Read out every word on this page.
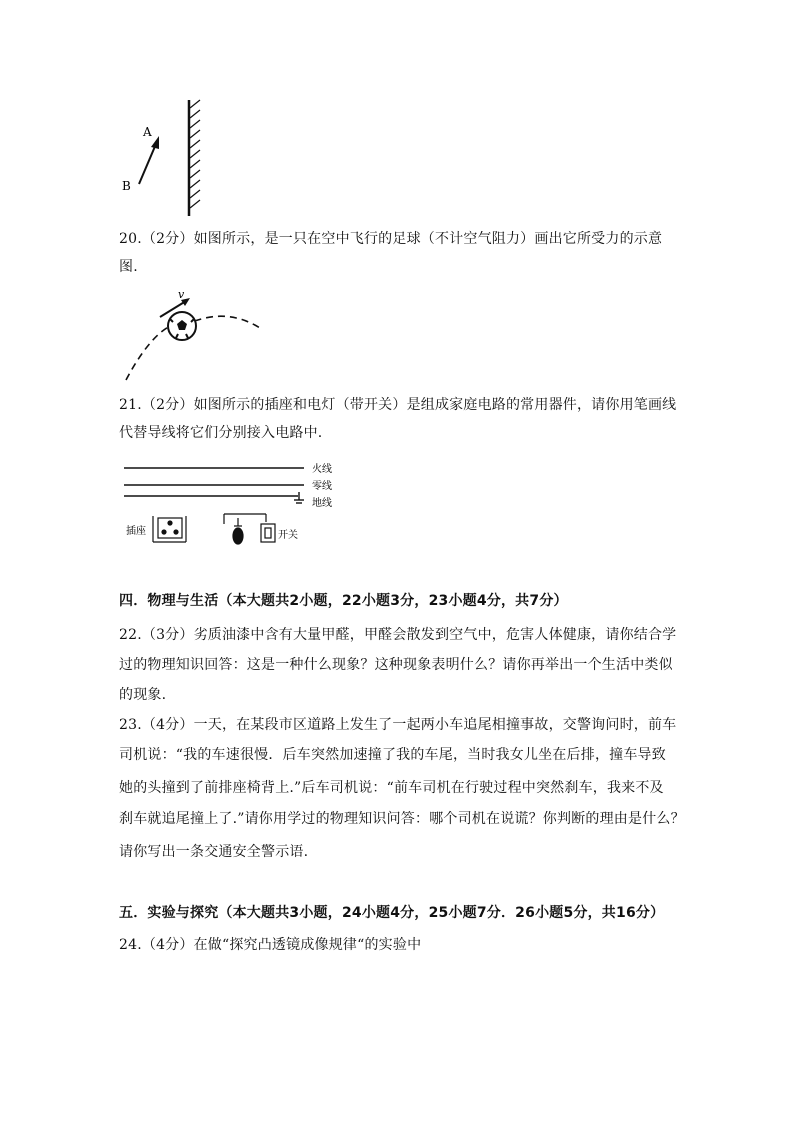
A
B
20.（2分）如图所示，是一只在空中飞行的足球（不计空气阻力）画出它所受力的示意
图.
v
21.（2分）如图所示的插座和电灯（带开关）是组成家庭电路的常用器件，请你用笔画线
代替导线将它们分别接入电路中.
火线
零线
地线
插座	开关
四．物理与生活（本大题共2小题，22小题3分，23小题4分，共7分）
22.（3分）劣质油漆中含有大量甲醛，甲醛会散发到空气中，危害人体健康，请你结合学
过的物理知识回答：这是一种什么现象？这种现象表明什么？请你再举出一个生活中类似
的现象.
23.（4分）一天，在某段市区道路上发生了一起两小车追尾相撞事故，交警询问时，前车
司机说：“我的车速很慢．后车突然加速撞了我的车尾，当时我女儿坐在后排，撞车导致
她的头撞到了前排座椅背上.”后车司机说：“前车司机在行驶过程中突然刹车，我来不及
刹车就追尾撞上了.”请你用学过的物理知识问答：哪个司机在说谎？你判断的理由是什么？
请你写出一条交通安全警示语.
五．实验与探究（本大题共3小题，24小题4分，25小题7分．26小题5分，共16分）
24.（4分）在做“探究凸透镜成像规律“的实验中
